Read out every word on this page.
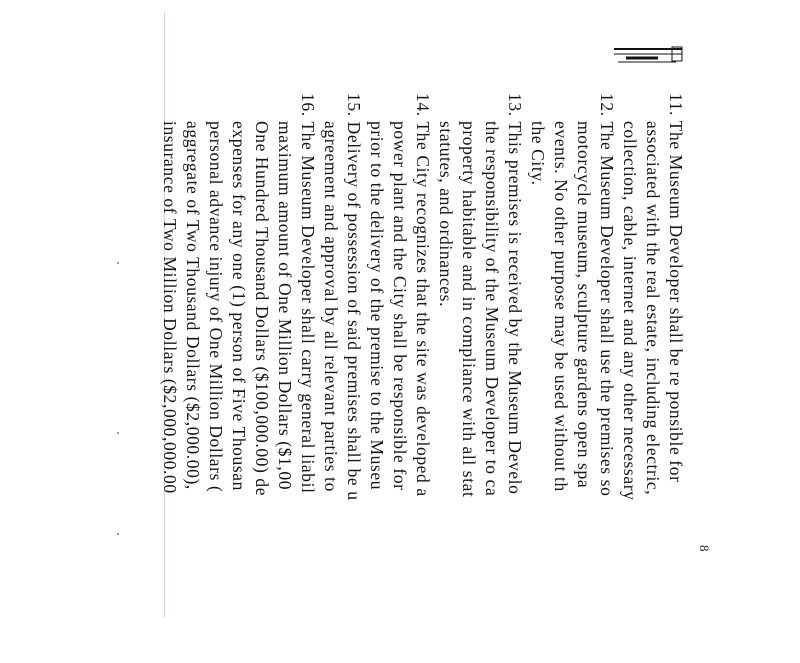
8
11. The Museum Developer shall be re ponsible for
associated with the real estate, including electric,
collection, cable, internet and any other necessary
12. The Museum Developer shall use the premises so
motorcycle museum, sculpture gardens open spa
events. No other purpose may be used without th
the City.
13. This premises is received by the Museum Develo
the responsibility of the Museum Developer to ca
property habitable and in compliance with all stat
statutes, and ordinances.
14. The City recognizes that the site was developed a
power plant and the City shall be responsible for
prior to the delivery of the premise to the Museu
15. Delivery of possession of said premises shall be u
agreement and approval by all relevant parties to
16. The Museum Developer shall carry general liabil
maximum amount of One Million Dollars ($1,00
One Hundred Thousand Dollars ($100,000.00) de
expenses for any one (1) person of Five Thousan
personal advance injury of One Million Dollars (
aggregate of Two Thousand Dollars ($2,000.00),
insurance of Two Million Dollars ($2,000,000.00
